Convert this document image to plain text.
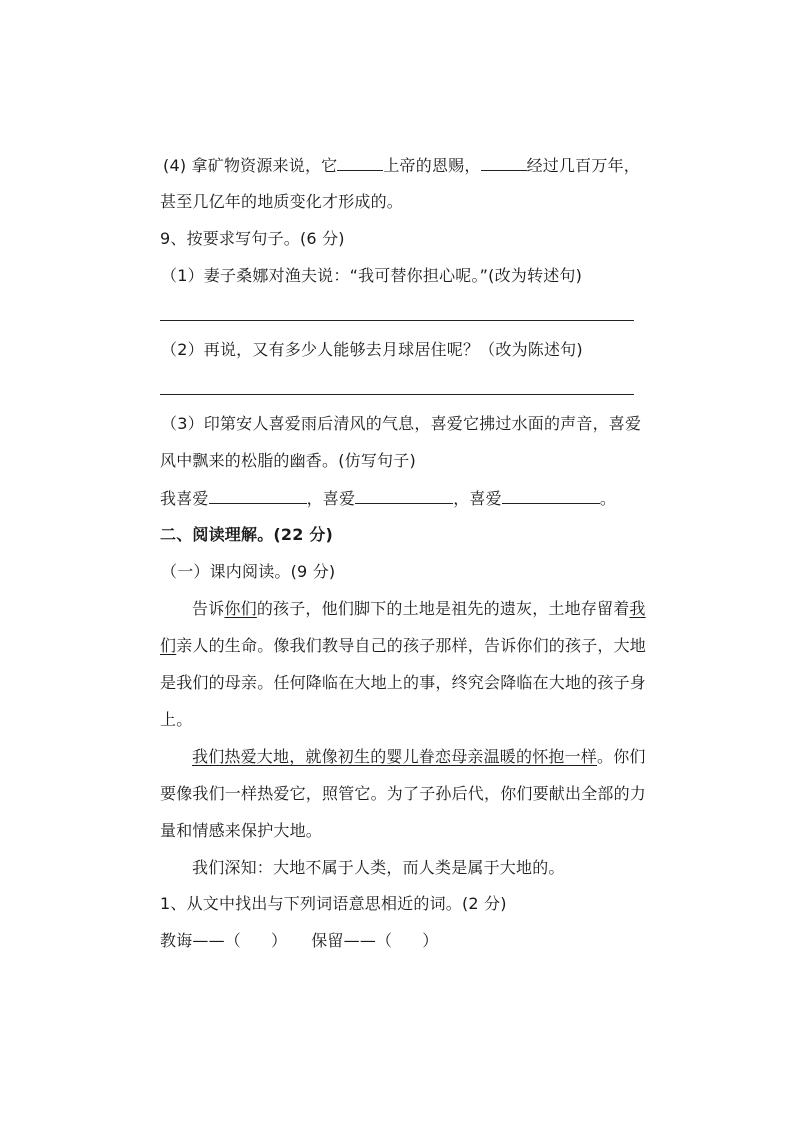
(4) 拿矿物资源来说，它	上帝的恩赐，	经过几百万年，
甚至几亿年的地质变化才形成的。
9、按要求写句子。(6 分)
（1）妻子桑娜对渔夫说：“我可替你担心呢。”(改为转述句)
（2）再说，又有多少人能够去月球居住呢？（改为陈述句)
（3）印第安人喜爱雨后清风的气息，喜爱它拂过水面的声音，喜爱
风中飘来的松脂的幽香。(仿写句子)
我喜爱	，喜爱	，喜爱	。
二、阅读理解。(22 分)
（一）课内阅读。(9 分)
告诉你们的孩子，他们脚下的土地是祖先的遗灰，土地存留着我
们亲人的生命。像我们教导自己的孩子那样，告诉你们的孩子，大地
是我们的母亲。任何降临在大地上的事，终究会降临在大地的孩子身
上。
我们热爱大地，就像初生的婴儿眷恋母亲温暖的怀抱一样。你们
要像我们一样热爱它，照管它。为了子孙后代，你们要献出全部的力
量和情感来保护大地。
我们深知：大地不属于人类，而人类是属于大地的。
1、从文中找出与下列词语意思相近的词。(2 分)
教诲——（ ） 保留——（ ）
